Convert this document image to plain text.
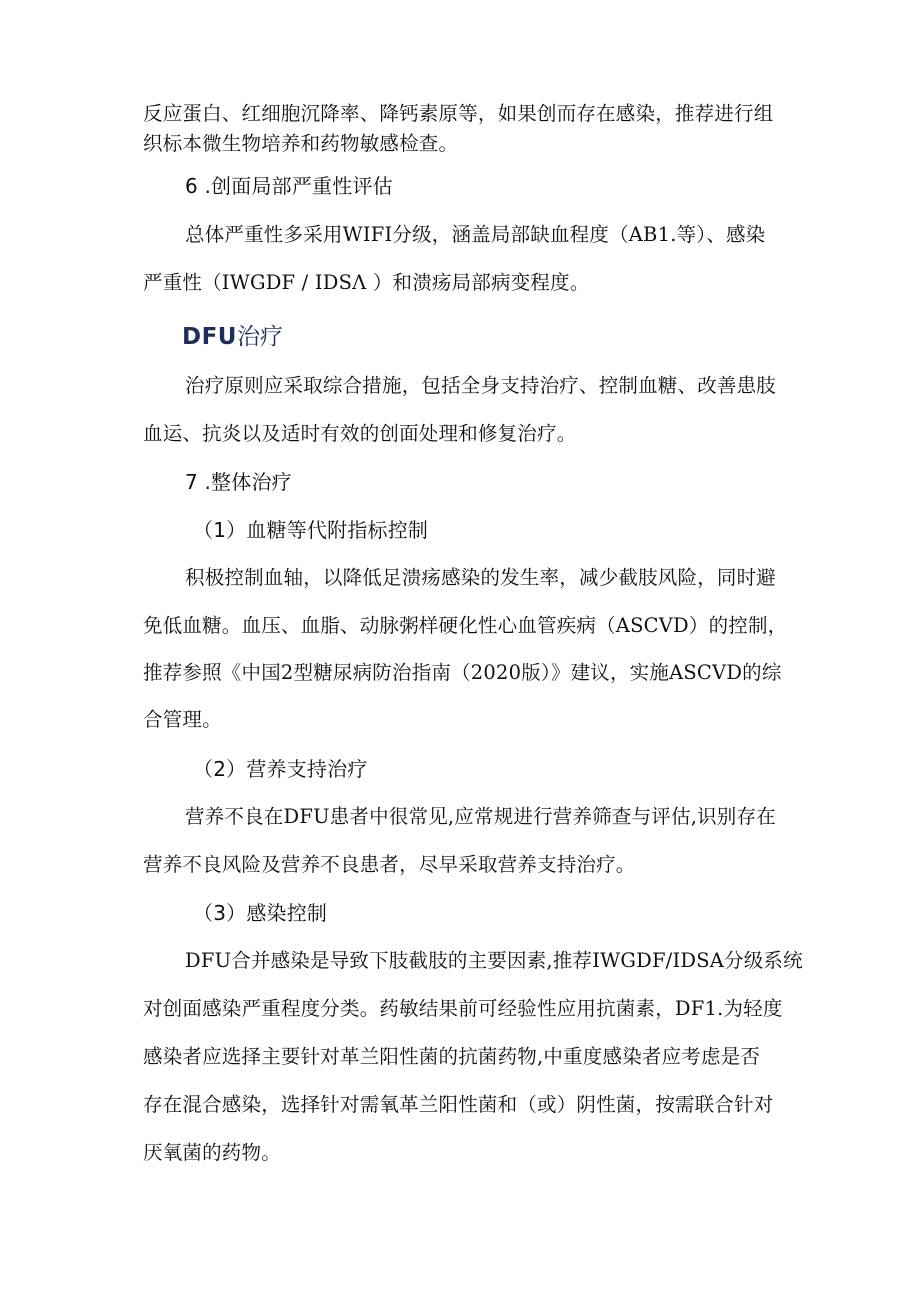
反应蛋白、红细胞沉降率、降钙素原等，如果创而存在感染，推荐进行组
织标本微生物培养和药物敏感检查。
6 .创面局部严重性评估
总体严重性多采用WIFI分级，涵盖局部缺血程度（AB1.等）、感染
严重性（IWGDF / IDSΛ ）和溃疡局部病变程度。
DFU治疗
治疗原则应采取综合措施，包括全身支持治疗、控制血糖、改善患肢
血运、抗炎以及适时有效的创面处理和修复治疗。
7 .整体治疗
（1）血糖等代附指标控制
积极控制血轴，以降低足溃疡感染的发生率，减少截肢风险，同时避
免低血糖。血压、血脂、动脉粥样硬化性心血管疾病（ASCVD）的控制，
推荐参照《中国2型糖尿病防治指南（2020版）》建议，实施ASCVD的综
合管理。
（2）营养支持治疗
营养不良在DFU患者中很常见,应常规进行营养筛查与评估,识别存在
营养不良风险及营养不良患者，尽早采取营养支持治疗。
（3）感染控制
DFU合并感染是导致下肢截肢的主要因素,推荐IWGDF/IDSA分级系统
对创面感染严重程度分类。药敏结果前可经验性应用抗菌素，DF1.为轻度
感染者应选择主要针对革兰阳性菌的抗菌药物,中重度感染者应考虑是否
存在混合感染，选择针对需氧革兰阳性菌和（或）阴性菌，按需联合针对
厌氧菌的药物。
